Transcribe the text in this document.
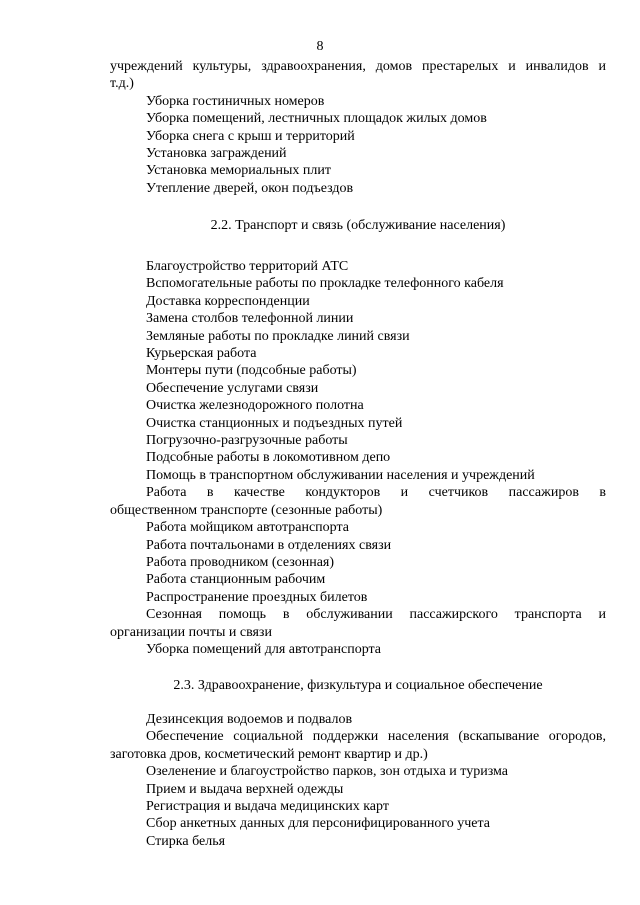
8
учреждений культуры, здравоохранения, домов престарелых и инвалидов и
т.д.)
Уборка гостиничных номеров
Уборка помещений, лестничных площадок жилых домов
Уборка снега с крыш и территорий
Установка заграждений
Установка мемориальных плит
Утепление дверей, окон подъездов
2.2. Транспорт и связь (обслуживание населения)
Благоустройство территорий АТС
Вспомогательные работы по прокладке телефонного кабеля
Доставка корреспонденции
Замена столбов телефонной линии
Земляные работы по прокладке линий связи
Курьерская работа
Монтеры пути (подсобные работы)
Обеспечение услугами связи
Очистка железнодорожного полотна
Очистка станционных и подъездных путей
Погрузочно-разгрузочные работы
Подсобные работы в локомотивном депо
Помощь в транспортном обслуживании населения и учреждений
Работа в качестве кондукторов и счетчиков пассажиров в
общественном транспорте (сезонные работы)
Работа мойщиком автотранспорта
Работа почтальонами в отделениях связи
Работа проводником (сезонная)
Работа станционным рабочим
Распространение проездных билетов
Сезонная помощь в обслуживании пассажирского транспорта и
организации почты и связи
Уборка помещений для автотранспорта
2.3. Здравоохранение, физкультура и социальное обеспечение
Дезинсекция водоемов и подвалов
Обеспечение социальной поддержки населения (вскапывание огородов,
заготовка дров, косметический ремонт квартир и др.)
Озеленение и благоустройство парков, зон отдыха и туризма
Прием и выдача верхней одежды
Регистрация и выдача медицинских карт
Сбор анкетных данных для персонифицированного учета
Стирка белья
